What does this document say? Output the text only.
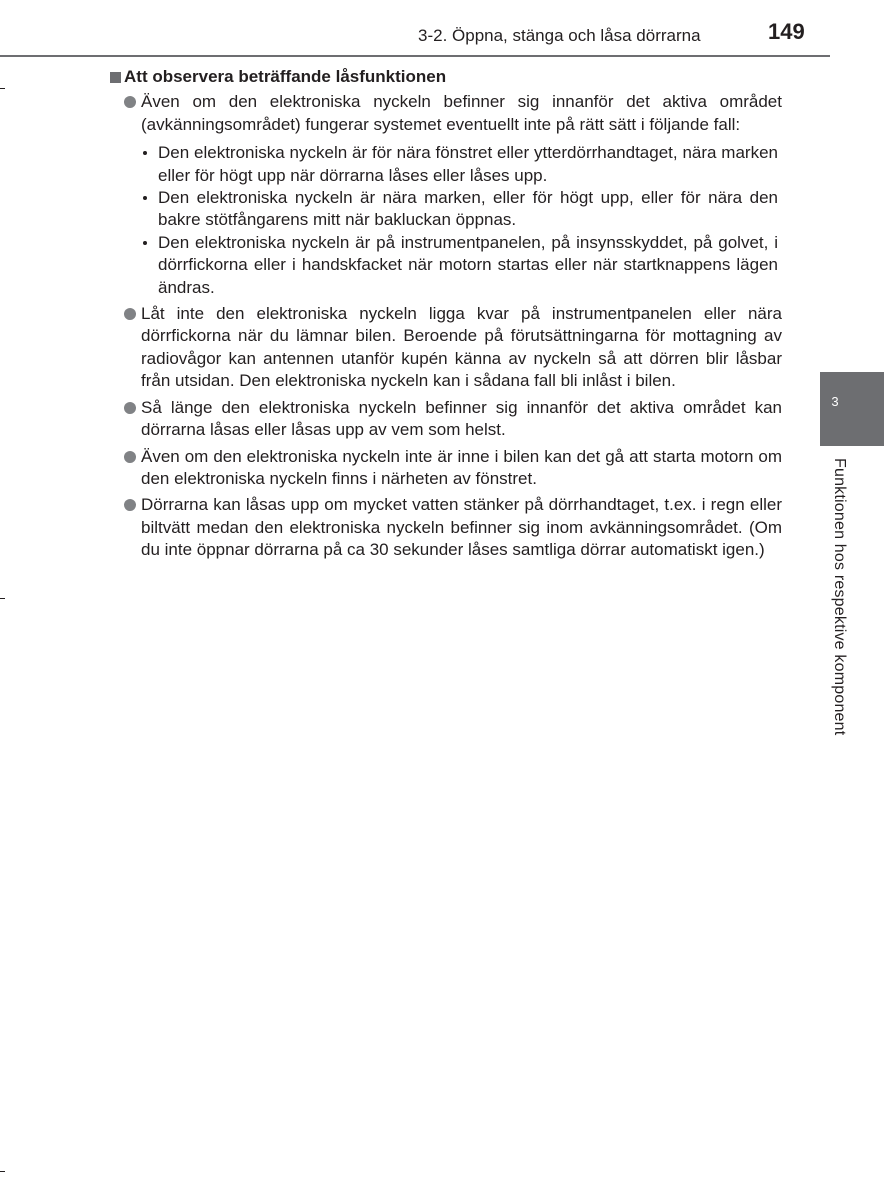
3-2. Öppna, stänga och låsa dörrarna	149
3
Funktionen hos respektive komponent
Att observera beträffande låsfunktionen
Även om den elektroniska nyckeln befinner sig innanför det aktiva området (avkänningsområdet) fungerar systemet eventuellt inte på rätt sätt i följande fall:
Den elektroniska nyckeln är för nära fönstret eller ytterdörrhandtaget, nära marken eller för högt upp när dörrarna låses eller låses upp.
Den elektroniska nyckeln är nära marken, eller för högt upp, eller för nära den bakre stötfångarens mitt när bakluckan öppnas.
Den elektroniska nyckeln är på instrumentpanelen, på insynsskyddet, på golvet, i dörrfickorna eller i handskfacket när motorn startas eller när startknappens lägen ändras.
Låt inte den elektroniska nyckeln ligga kvar på instrumentpanelen eller nära dörrfickorna när du lämnar bilen. Beroende på förutsättningarna för mottagning av radiovågor kan antennen utanför kupén känna av nyckeln så att dörren blir låsbar från utsidan. Den elektroniska nyckeln kan i sådana fall bli inlåst i bilen.
Så länge den elektroniska nyckeln befinner sig innanför det aktiva området kan dörrarna låsas eller låsas upp av vem som helst.
Även om den elektroniska nyckeln inte är inne i bilen kan det gå att starta motorn om den elektroniska nyckeln finns i närheten av fönstret.
Dörrarna kan låsas upp om mycket vatten stänker på dörrhandtaget, t.ex. i regn eller biltvätt medan den elektroniska nyckeln befinner sig inom avkänningsområdet. (Om du inte öppnar dörrarna på ca 30 sekunder låses samtliga dörrar automatiskt igen.)
